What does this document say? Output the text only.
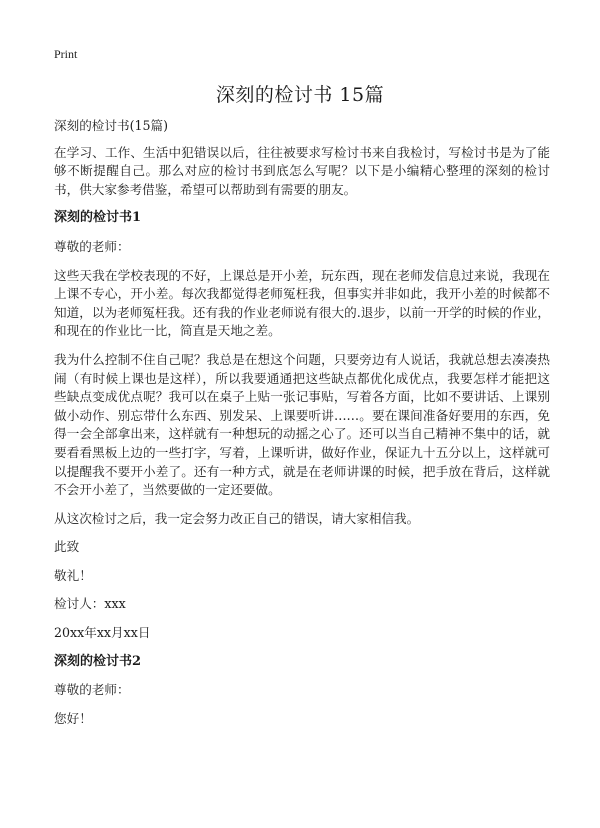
Print
深刻的检讨书 15篇

深刻的检讨书(15篇)

在学习、工作、生活中犯错误以后，往往被要求写检讨书来自我检讨，写检讨书是为了能够不断提醒自己。那么对应的检讨书到底怎么写呢？以下是小编精心整理的深刻的检讨书，供大家参考借鉴，希望可以帮助到有需要的朋友。

深刻的检讨书1

尊敬的老师：

这些天我在学校表现的不好，上课总是开小差，玩东西，现在老师发信息过来说，我现在上课不专心，开小差。每次我都觉得老师冤枉我，但事实并非如此，我开小差的时候都不知道，以为老师冤枉我。还有我的作业老师说有很大的.退步，以前一开学的时候的作业，和现在的作业比一比，简直是天地之差。

我为什么控制不住自己呢？我总是在想这个问题，只要旁边有人说话，我就总想去凑凑热闹（有时候上课也是这样），所以我要通通把这些缺点都优化成优点，我要怎样才能把这些缺点变成优点呢？我可以在桌子上贴一张记事贴，写着各方面，比如不要讲话、上课别做小动作、别忘带什么东西、别发呆、上课要听讲……。要在课间准备好要用的东西，免得一会全部拿出来，这样就有一种想玩的动摇之心了。还可以当自己精神不集中的话，就要看看黑板上边的一些打字，写着，上课听讲，做好作业，保证九十五分以上，这样就可以提醒我不要开小差了。还有一种方式，就是在老师讲课的时候，把手放在背后，这样就不会开小差了，当然要做的一定还要做。

从这次检讨之后，我一定会努力改正自己的错误，请大家相信我。

此致

敬礼！

检讨人：xxx

20xx年xx月xx日

深刻的检讨书2

尊敬的老师：

您好！
